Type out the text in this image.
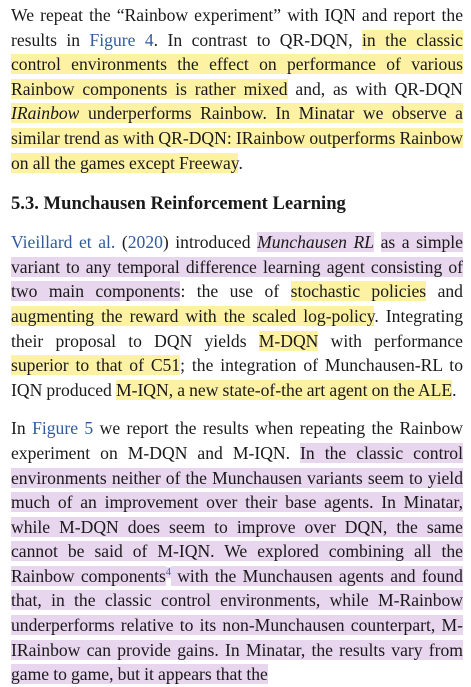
We repeat the “Rainbow experiment” with IQN and report the results in Figure 4. In contrast to QR-DQN, in the classic control environments the effect on performance of various Rainbow components is rather mixed and, as with QR-DQN IRainbow underperforms Rainbow. In Minatar we observe a similar trend as with QR-DQN: IRainbow outperforms Rainbow on all the games except Freeway.

5.3. Munchausen Reinforcement Learning

Vieillard et al. (2020) introduced Munchausen RL as a simple variant to any temporal difference learning agent consisting of two main components: the use of stochastic policies and augmenting the reward with the scaled log-policy. Integrating their proposal to DQN yields M-DQN with performance superior to that of C51; the integration of Munchausen-RL to IQN produced M-IQN, a new state-of-the art agent on the ALE.

In Figure 5 we report the results when repeating the Rainbow experiment on M-DQN and M-IQN. In the classic control environments neither of the Munchausen variants seem to yield much of an improvement over their base agents. In Minatar, while M-DQN does seem to improve over DQN, the same cannot be said of M-IQN. We explored combining all the Rainbow components$^4$ with the Munchausen agents and found that, in the classic control environments, while M-Rainbow underperforms relative to its non-Munchausen counterpart, M-IRainbow can provide gains. In Minatar, the results vary from game to game, but it appears that the
